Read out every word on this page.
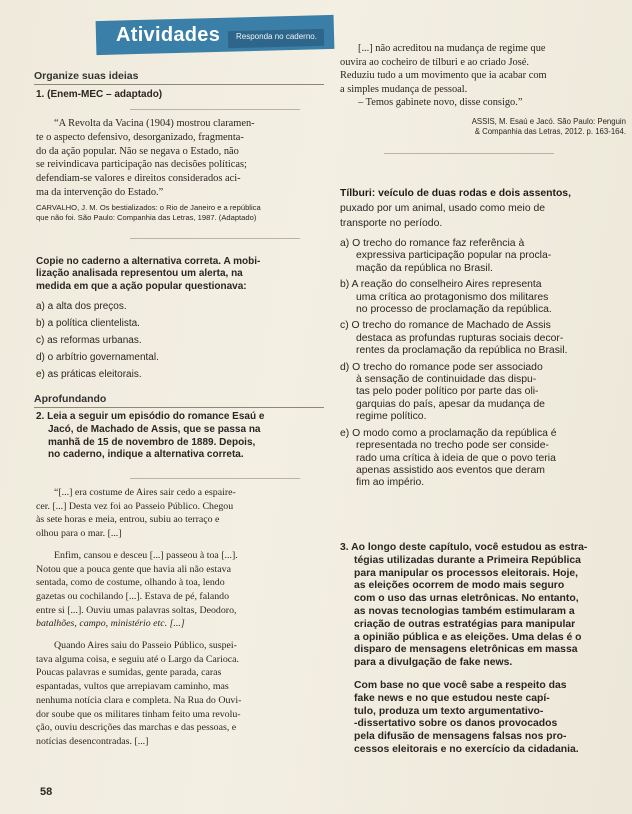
Atividades Responda no caderno.
Organize suas ideias
1. (Enem-MEC – adaptado)
“A Revolta da Vacina (1904) mostrou claramen-
te o aspecto defensivo, desorganizado, fragmenta-
do da ação popular. Não se negava o Estado, não
se reivindicava participação nas decisões políticas;
defendiam-se valores e direitos considerados aci-
ma da intervenção do Estado.”
CARVALHO, J. M. Os bestializados: o Rio de Janeiro e a república
que não foi. São Paulo: Companhia das Letras, 1987. (Adaptado)
Copie no caderno a alternativa correta. A mobi-
lização analisada representou um alerta, na
medida em que a ação popular questionava:
a) a alta dos preços.
b) a política clientelista.
c) as reformas urbanas.
d) o arbítrio governamental.
e) as práticas eleitorais.
Aprofundando
2. Leia a seguir um episódio do romance Esaú e
Jacó, de Machado de Assis, que se passa na
manhã de 15 de novembro de 1889. Depois,
no caderno, indique a alternativa correta.
“[...] era costume de Aires sair cedo a espaire-
cer. [...] Desta vez foi ao Passeio Público. Chegou
às sete horas e meia, entrou, subiu ao terraço e
olhou para o mar. [...]
Enfim, cansou e desceu [...] passeou à toa [...].
Notou que a pouca gente que havia ali não estava
sentada, como de costume, olhando à toa, lendo
gazetas ou cochilando [...]. Estava de pé, falando
entre si [...]. Ouviu umas palavras soltas, Deodoro,
batalhões, campo, ministério etc. [...]
Quando Aires saiu do Passeio Público, suspei-
tava alguma coisa, e seguiu até o Largo da Carioca.
Poucas palavras e sumidas, gente parada, caras
espantadas, vultos que arrepiavam caminho, mas
nenhuma notícia clara e completa. Na Rua do Ouvi-
dor soube que os militares tinham feito uma revolu-
ção, ouviu descrições das marchas e das pessoas, e
notícias desencontradas. [...]
58
[...] não acreditou na mudança de regime que
ouvira ao cocheiro de tílburi e ao criado José.
Reduziu tudo a um movimento que ia acabar com
a simples mudança de pessoal.
– Temos gabinete novo, disse consigo.”
ASSIS, M. Esaú e Jacó. São Paulo: Penguin
& Companhia das Letras, 2012. p. 163-164.
Tílburi: veículo de duas rodas e dois assentos,
puxado por um animal, usado como meio de
transporte no período.
a) O trecho do romance faz referência à
expressiva participação popular na procla-
mação da república no Brasil.
b) A reação do conselheiro Aires representa
uma crítica ao protagonismo dos militares
no processo de proclamação da república.
c) O trecho do romance de Machado de Assis
destaca as profundas rupturas sociais decor-
rentes da proclamação da república no Brasil.
d) O trecho do romance pode ser associado
à sensação de continuidade das dispu-
tas pelo poder político por parte das oli-
garquias do país, apesar da mudança de
regime político.
e) O modo como a proclamação da república é
representada no trecho pode ser conside-
rado uma crítica à ideia de que o povo teria
apenas assistido aos eventos que deram
fim ao império.
3. Ao longo deste capítulo, você estudou as estra-
tégias utilizadas durante a Primeira República
para manipular os processos eleitorais. Hoje,
as eleições ocorrem de modo mais seguro
com o uso das urnas eletrônicas. No entanto,
as novas tecnologias também estimularam a
criação de outras estratégias para manipular
a opinião pública e as eleições. Uma delas é o
disparo de mensagens eletrônicas em massa
para a divulgação de fake news.
Com base no que você sabe a respeito das
fake news e no que estudou neste capí-
tulo, produza um texto argumentativo-
-dissertativo sobre os danos provocados
pela difusão de mensagens falsas nos pro-
cessos eleitorais e no exercício da cidadania.
